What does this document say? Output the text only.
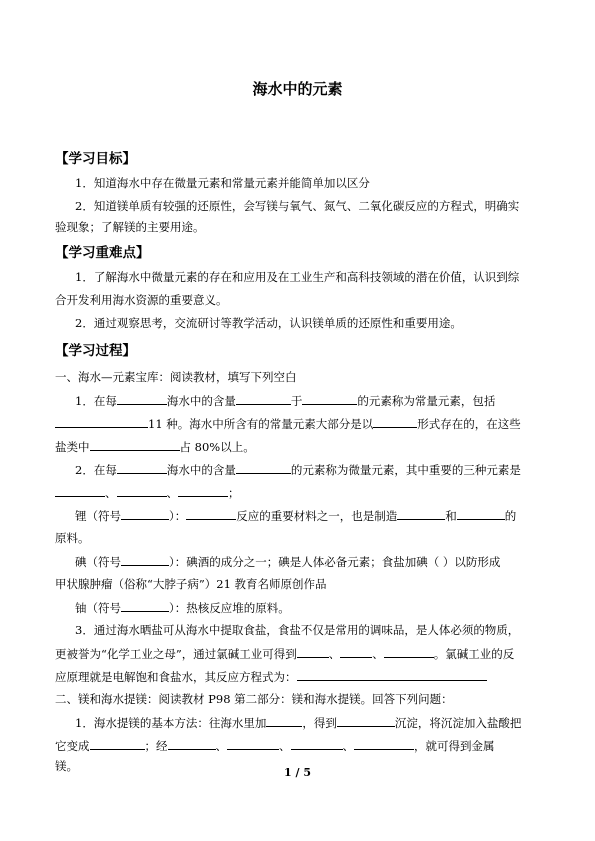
海水中的元素
【学习目标】
1．知道海水中存在微量元素和常量元素并能简单加以区分
2．知道镁单质有较强的还原性，会写镁与氧气、氮气、二氧化碳反应的方程式，明确实
验现象；了解镁的主要用途。
【学习重难点】
1．了解海水中微量元素的存在和应用及在工业生产和高科技领域的潜在价值，认识到综
合开发利用海水资源的重要意义。
2．通过观察思考，交流研讨等教学活动，认识镁单质的还原性和重要用途。
【学习过程】
一、海水—元素宝库：阅读教材，填写下列空白
1．在每	海水中的含量	于	的元素称为常量元素，包括
11 种。海水中所含有的常量元素大部分是以	形式存在的，在这些
盐类中	占 80%以上。
2．在每	海水中的含量	的元素称为微量元素，其中重要的三种元素是
、	、	；
锂（符号	）：	反应的重要材料之一，也是制造	和	的
原料。
碘（符号	）：碘酒的成分之一；碘是人体必备元素；食盐加碘（ ）以防形成
甲状腺肿瘤（俗称“大脖子病”）21 教育名师原创作品
铀（符号	）：热核反应堆的原料。
3．通过海水晒盐可从海水中提取食盐，食盐不仅是常用的调味品，是人体必须的物质，
更被誉为“化学工业之母”，通过氯碱工业可得到	、	、	。氯碱工业的反
应原理就是电解饱和食盐水，其反应方程式为：
二、镁和海水提镁：阅读教材 P98 第二部分：镁和海水提镁。回答下列问题：
1．海水提镁的基本方法：往海水里加	，得到	沉淀，将沉淀加入盐酸把
它变成	；经	、	、	、	，就可得到金属
镁。	1 / 5
